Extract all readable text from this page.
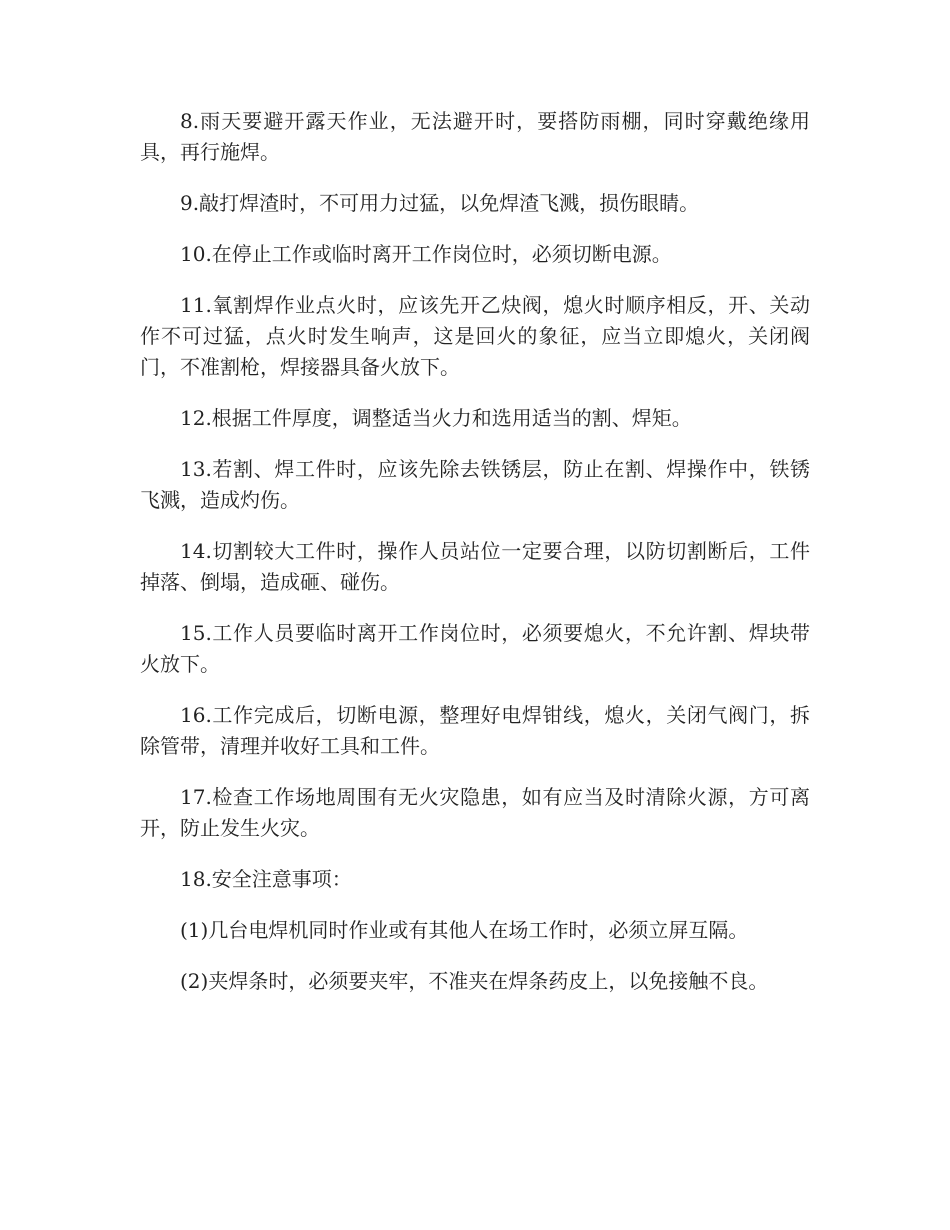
8.雨天要避开露天作业，无法避开时，要搭防雨棚，同时穿戴绝缘用具，再行施焊。

9.敲打焊渣时，不可用力过猛，以免焊渣飞溅，损伤眼睛。

10.在停止工作或临时离开工作岗位时，必须切断电源。

11.氧割焊作业点火时，应该先开乙炔阀，熄火时顺序相反，开、关动作不可过猛，点火时发生响声，这是回火的象征，应当立即熄火，关闭阀门，不准割枪，焊接器具备火放下。

12.根据工件厚度，调整适当火力和选用适当的割、焊矩。

13.若割、焊工件时，应该先除去铁锈层，防止在割、焊操作中，铁锈飞溅，造成灼伤。

14.切割较大工件时，操作人员站位一定要合理，以防切割断后，工件掉落、倒塌，造成砸、碰伤。

15.工作人员要临时离开工作岗位时，必须要熄火，不允许割、焊块带火放下。

16.工作完成后，切断电源，整理好电焊钳线，熄火，关闭气阀门，拆除管带，清理并收好工具和工件。

17.检查工作场地周围有无火灾隐患，如有应当及时清除火源，方可离开，防止发生火灾。

18.安全注意事项：

(1)几台电焊机同时作业或有其他人在场工作时，必须立屏互隔。

(2)夹焊条时，必须要夹牢，不准夹在焊条药皮上，以免接触不良。
